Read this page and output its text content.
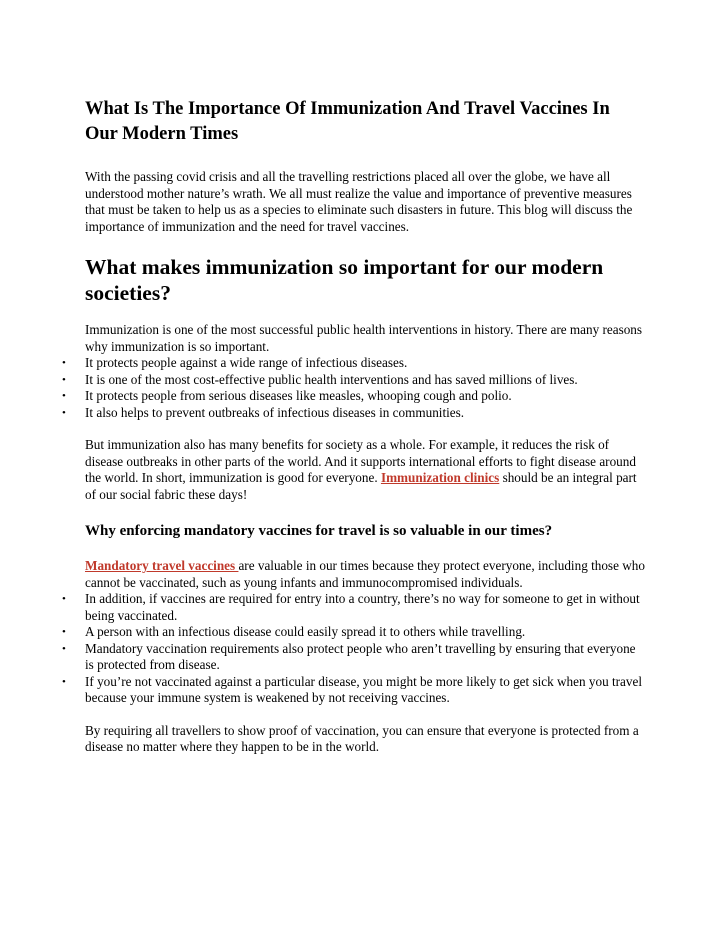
What Is The Importance Of Immunization And Travel Vaccines In Our Modern Times

With the passing covid crisis and all the travelling restrictions placed all over the globe, we have all understood mother nature’s wrath. We all must realize the value and importance of preventive measures that must be taken to help us as a species to eliminate such disasters in future. This blog will discuss the importance of immunization and the need for travel vaccines.

What makes immunization so important for our modern societies?

Immunization is one of the most successful public health interventions in history. There are many reasons why immunization is so important.

• It protects people against a wide range of infectious diseases.
• It is one of the most cost-effective public health interventions and has saved millions of lives.
• It protects people from serious diseases like measles, whooping cough and polio.
• It also helps to prevent outbreaks of infectious diseases in communities.

But immunization also has many benefits for society as a whole. For example, it reduces the risk of disease outbreaks in other parts of the world. And it supports international efforts to fight disease around the world. In short, immunization is good for everyone. Immunization clinics should be an integral part of our social fabric these days!

Why enforcing mandatory vaccines for travel is so valuable in our times?

Mandatory travel vaccines are valuable in our times because they protect everyone, including those who cannot be vaccinated, such as young infants and immunocompromised individuals.

• In addition, if vaccines are required for entry into a country, there’s no way for someone to get in without being vaccinated.
• A person with an infectious disease could easily spread it to others while travelling.
• Mandatory vaccination requirements also protect people who aren’t travelling by ensuring that everyone is protected from disease.
• If you’re not vaccinated against a particular disease, you might be more likely to get sick when you travel because your immune system is weakened by not receiving vaccines.

By requiring all travellers to show proof of vaccination, you can ensure that everyone is protected from a disease no matter where they happen to be in the world.
